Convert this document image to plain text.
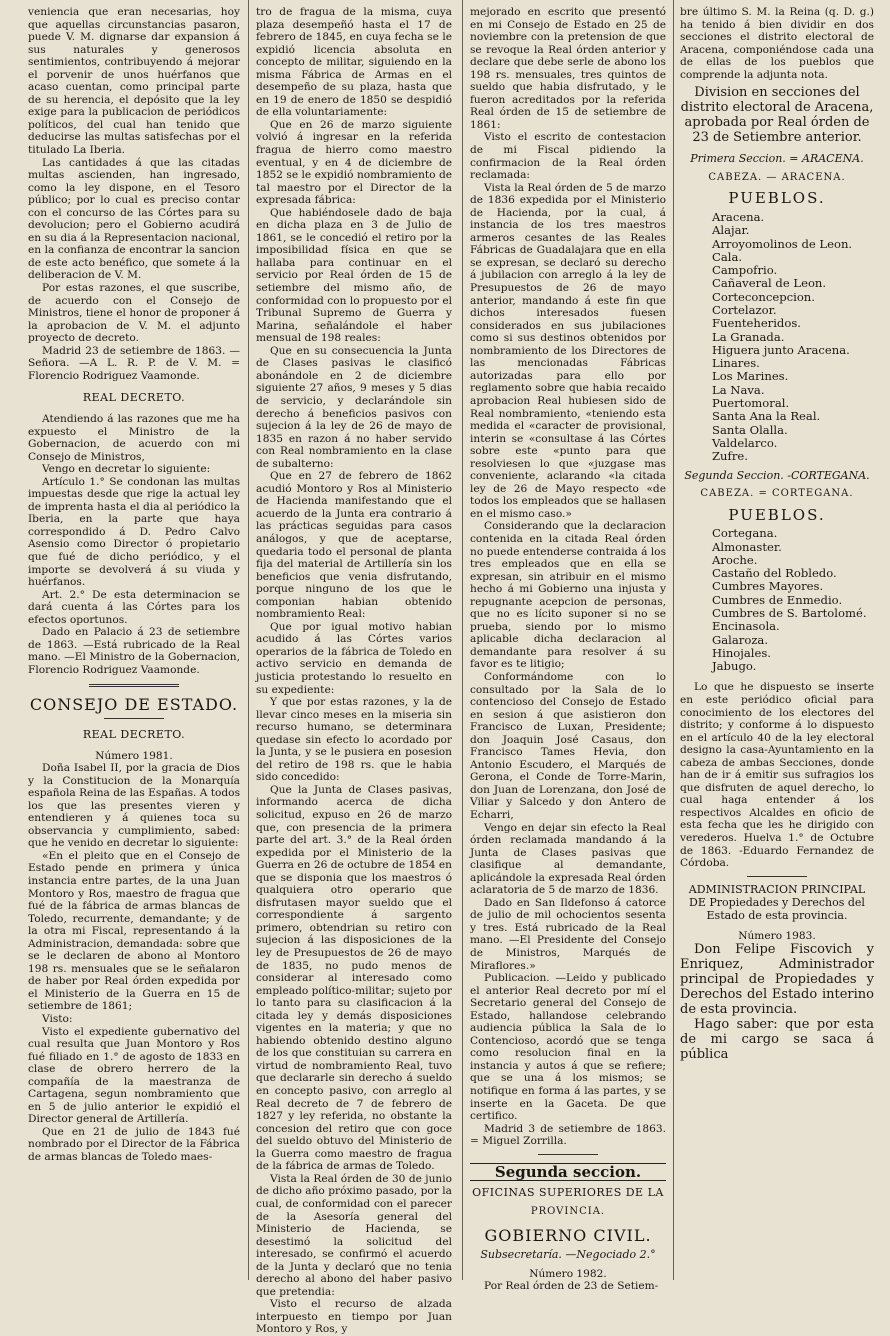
veniencia que eran necesarias, hoy que aquellas circunstancias pasaron, puede V. M. dignarse dar expansion á sus naturales y generosos sentimientos, contribuyendo á mejorar el porvenir de unos huérfanos que acaso cuentan, como principal parte de su herencia, el depósito que la ley exige para la publicacion de periódicos políticos, del cual han tenido que deducirse las multas satisfechas por el titulado La Iberia.

Las cantidades á que las citadas multas ascienden, han ingresado, como la ley dispone, en el Tesoro público; por lo cual es preciso contar con el concurso de las Córtes para su devolucion; pero el Gobierno acudirá en su dia á la Representacion nacional, en la confianza de encontrar la sancion de este acto benéfico, que somete á la deliberacion de V. M.

Por estas razones, el que suscribe, de acuerdo con el Consejo de Ministros, tiene el honor de proponer á la aprobacion de V. M. el adjunto proyecto de decreto.

Madrid 23 de setiembre de 1863. —Señora. —A L. R. P. de V. M. = Florencio Rodriguez Vaamonde.

REAL DECRETO.

Atendiendo á las razones que me ha expuesto el Ministro de la Gobernacion, de acuerdo con mi Consejo de Ministros,

Vengo en decretar lo siguiente:

Artículo 1.° Se condonan las multas impuestas desde que rige la actual ley de imprenta hasta el dia al periódico la Iberia, en la parte que haya correspondido á D. Pedro Calvo Asensio como Director ó propietario que fué de dicho periódico, y el importe se devolverá á su viuda y huérfanos.

Art. 2.° De esta determinacion se dará cuenta á las Córtes para los efectos oportunos.

Dado en Palacio á 23 de setiembre de 1863. —Está rubricado de la Real mano. —El Ministro de la Gobernacion, Florencio Rodriguez Vaamonde.

CONSEJO DE ESTADO.
REAL DECRETO.

Número 1981.

Doña Isabel II, por la gracia de Dios y la Constitucion de la Monarquía española Reina de las Españas. A todos los que las presentes vieren y entendieren y á quienes toca su observancia y cumplimiento, sabed: que he venido en decretar lo siguiente:

«En el pleito que en el Consejo de Estado pende en primera y única instancia entre partes, de la una Juan Montoro y Ros, maestro de fragua que fué de la fábrica de armas blancas de Toledo, recurrente, demandante; y de la otra mi Fiscal, representando á la Administracion, demandada: sobre que se le declaren de abono al Montoro 198 rs. mensuales que se le señalaron de haber por Real órden expedida por el Ministerio de la Guerra en 15 de setiembre de 1861;

Visto:

Visto el expediente gubernativo del cual resulta que Juan Montoro y Ros fué filiado en 1.° de agosto de 1833 en clase de obrero herrero de la compañía de la maestranza de Cartagena, segun nombramiento que en 5 de julio anterior le expidió el Director general de Artillería.

Que en 21 de julio de 1843 fué nombrado por el Director de la Fábrica de armas blancas de Toledo maes-

tro de fragua de la misma, cuya plaza desempeñó hasta el 17 de febrero de 1845, en cuya fecha se le expidió licencia absoluta en concepto de militar, siguiendo en la misma Fábrica de Armas en el desempeño de su plaza, hasta que en 19 de enero de 1850 se despidió de ella voluntariamente:

Que en 26 de marzo siguiente volvió á ingresar en la referida fragua de hierro como maestro eventual, y en 4 de diciembre de 1852 se le expidió nombramiento de tal maestro por el Director de la expresada fábrica:

Que habiéndosele dado de baja en dicha plaza en 3 de Julio de 1861, se le concedió el retiro por la imposibilidad física en que se hallaba para continuar en el servicio por Real órden de 15 de setiembre del mismo año, de conformidad con lo propuesto por el Tribunal Supremo de Guerra y Marina, señalándole el haber mensual de 198 reales:

Que en su consecuencia la Junta de Clases pasivas le clasificó abonándole en 2 de diciembre siguiente 27 años, 9 meses y 5 dias de servicio, y declarándole sin derecho á beneficios pasivos con sujecion á la ley de 26 de mayo de 1835 en razon á no haber servido con Real nombramiento en la clase de subalterno:

Que en 27 de febrero de 1862 acudió Montoro y Ros al Ministerio de Hacienda manifestando que el acuerdo de la Junta era contrario á las prácticas seguidas para casos análogos, y que de aceptarse, quedaria todo el personal de planta fija del material de Artillería sin los beneficios que venia disfrutando, porque ninguno de los que le componian habian obtenido nombramiento Real:

Que por igual motivo habian acudido á las Córtes varios operarios de la fábrica de Toledo en activo servicio en demanda de justicia protestando lo resuelto en su expediente:

Y que por estas razones, y la de llevar cinco meses en la miseria sin recurso humano, se determinara quedase sin efecto lo acordado por la Junta, y se le pusiera en posesion del retiro de 198 rs. que le habia sido concedido:

Que la Junta de Clases pasivas, informando acerca de dicha solicitud, expuso en 26 de marzo que, con presencia de la primera parte del art. 3.° de la Real órden expedida por el Ministerio de la Guerra en 26 de octubre de 1854 en que se disponia que los maestros ó qualquiera otro operario que disfrutasen mayor sueldo que el correspondiente á sargento primero, obtendrian su retiro con sujecion á las disposiciones de la ley de Presupuestos de 26 de mayo de 1835, no pudo menos de considerar al interesado como empleado político-militar; sujeto por lo tanto para su clasificacion á la citada ley y demás disposiciones vigentes en la materia; y que no habiendo obtenido destino alguno de los que constituian su carrera en virtud de nombramiento Real, tuvo que declararle sin derecho á sueldo en concepto pasivo, con arreglo al Real decreto de 7 de febrero de 1827 y ley referida, no obstante la concesion del retiro que con goce del sueldo obtuvo del Ministerio de la Guerra como maestro de fragua de la fábrica de armas de Toledo.

Vista la Real órden de 30 de junio de dicho año próximo pasado, por la cual, de conformidad con el parecer de la Asesoría general del Ministerio de Hacienda, se desestimó la solicitud del interesado, se confirmó el acuerdo de la Junta y declaró que no tenia derecho al abono del haber pasivo que pretendia:

Visto el recurso de alzada interpuesto en tiempo por Juan Montoro y Ros, y

mejorado en escrito que presentó en mi Consejo de Estado en 25 de noviembre con la pretension de que se revoque la Real órden anterior y declare que debe serle de abono los 198 rs. mensuales, tres quintos de sueldo que habia disfrutado, y le fueron acreditados por la referida Real órden de 15 de setiembre de 1861:

Visto el escrito de contestacion de mi Fiscal pidiendo la confirmacion de la Real órden reclamada:

Vista la Real órden de 5 de marzo de 1836 expedida por el Ministerio de Hacienda, por la cual, á instancia de los tres maestros armeros cesantes de las Reales Fábricas de Guadalajara que en ella se expresan, se declaró su derecho á jubilacion con arreglo á la ley de Presupuestos de 26 de mayo anterior, mandando á este fin que dichos interesados fuesen considerados en sus jubilaciones como si sus destinos obtenidos por nombramiento de los Directores de las mencionadas Fábricas autorizadas para ello por reglamento sobre que habia recaido aprobacion Real hubiesen sido de Real nombramiento, «teniendo esta medida el «caracter de provisional, interin se «consultase á las Córtes sobre este «punto para que resolviesen lo que «juzgase mas conveniente, aclarando «la citada ley de 26 de Mayo respecto «de todos los empleados que se hallasen en el mismo caso.»

Considerando que la declaracion contenida en la citada Real órden no puede entenderse contraida á los tres empleados que en ella se expresan, sin atribuir en el mismo hecho á mi Gobierno una injusta y repugnante acepcion de personas, que no es lícito suponer si no se prueba, siendo por lo mismo aplicable dicha declaracion al demandante para resolver á su favor es te litigio;

Conformándome con lo consultado por la Sala de lo contencioso del Consejo de Estado en sesion á que asistieron don Francisco de Luxan, Presidente; don Joaquin José Casaus, don Francisco Tames Hevia, don Antonio Escudero, el Marqués de Gerona, el Conde de Torre-Marin, don Juan de Lorenzana, don José de Viliar y Salcedo y don Antero de Echarri,

Vengo en dejar sin efecto la Real órden reclamada mandando á la Junta de Clases pasivas que clasifique al demandante, aplicándole la expresada Real órden aclaratoria de 5 de marzo de 1836.

Dado en San Ildefonso á catorce de julio de mil ochocientos sesenta y tres. Está rubricado de la Real mano. —El Presidente del Consejo de Ministros, Marqués de Miraflores.»

Publicacion. —Leido y publicado el anterior Real decreto por mí el Secretario general del Consejo de Estado, hallandose celebrando audiencia pública la Sala de lo Contencioso, acordó que se tenga como resolucion final en la instancia y autos á que se refiere; que se una á los mismos; se notifique en forma á las partes, y se inserte en la Gaceta. De que certifico.

Madrid 3 de setiembre de 1863. = Miguel Zorrilla.

Segunda seccion.
OFICINAS SUPERIORES DE LA
PROVINCIA.
GOBIERNO CIVIL.
Subsecretaría. —Negociado 2.°

Número 1982.

Por Real órden de 23 de Setiem-

bre último S. M. la Reina (q. D. g.) ha tenido á bien dividir en dos secciones el distrito electoral de Aracena, componiéndose cada una de ellas de los pueblos que comprende la adjunta nota.

Division en secciones del distrito electoral de Aracena, aprobada por Real órden de 23 de Setiembre anterior.
Primera Seccion. = ARACENA.
CABEZA. — ARACENA.
PUEBLOS.
Aracena.
Alajar.
Arroyomolinos de Leon.
Cala.
Campofrio.
Cañaveral de Leon.
Corteconcepcion.
Cortelazor.
Fuenteheridos.
La Granada.
Higuera junto Aracena.
Linares.
Los Marines.
La Nava.
Puertomoral.
Santa Ana la Real.
Santa Olalla.
Valdelarco.
Zufre.
Segunda Seccion. -CORTEGANA.
CABEZA. = CORTEGANA.
PUEBLOS.
Cortegana.
Almonaster.
Aroche.
Castaño del Robledo.
Cumbres Mayores.
Cumbres de Enmedio.
Cumbres de S. Bartolomé.
Encinasola.
Galaroza.
Hinojales.
Jabugo.

Lo que he dispuesto se inserte en este periódico oficial para conocimiento de los electores del distrito; y conforme á lo dispuesto en el artículo 40 de la ley electoral designo la casa-Ayuntamiento en la cabeza de ambas Secciones, donde han de ir á emitir sus sufragios los que disfruten de aquel derecho, lo cual haga entender á los respectivos Alcaldes en oficio de esta fecha que les he dirigido con verederos. Huelva 1.° de Octubre de 1863. -Eduardo Fernandez de Córdoba.

ADMINISTRACION PRINCIPAL DE Propiedades y Derechos del Estado de esta provincia.

Número 1983.

Don Felipe Fiscovich y Enriquez, Administrador principal de Propiedades y Derechos del Estado interino de esta provincia.

Hago saber: que por esta de mi cargo se saca á pública
